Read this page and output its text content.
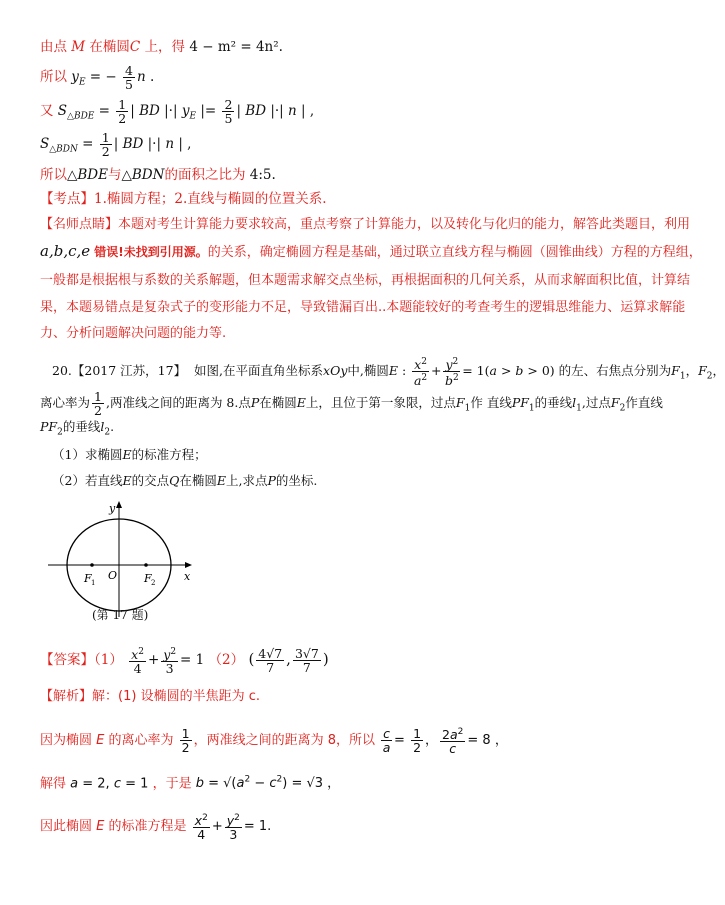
由点 M 在椭圆C 上，得 4 − m² = 4n².
所以 $y_E$ = − $\frac{4}{5}$ n .
又 $S_{\triangle BDE} = \frac{1}{2}$ | BD |·| $y_E$ |= $\frac{2}{5}$ | BD |·| n | ,
$S_{\triangle BDN} = \frac{1}{2}$ | BD |·| n | ,
所以△BDE与△BDN的面积之比为 4:5.
【考点】1.椭圆方程；2.直线与椭圆的位置关系.
【名师点睛】本题对考生计算能力要求较高，重点考察了计算能力，以及转化与化归的能力，解答此类题目，利用
a,b,c,e 错误!未找到引用源。的关系，确定椭圆方程是基础，通过联立直线方程与椭圆（圆锥曲线）方程的方程组，
一般都是根据根与系数的关系解题，但本题需求解交点坐标，再根据面积的几何关系，从而求解面积比值，计算结
果，本题易错点是复杂式子的变形能力不足，导致错漏百出..本题能较好的考查考生的逻辑思维能力、运算求解能
力、分析问题解决问题的能力等.
20.【2017 江苏，17】 如图,在平面直角坐标系xOy中,椭圆E : $\frac{x^2}{a^2} + \frac{y^2}{b^2} = 1(a > b > 0)$ 的左、右焦点分别为$F_1$，$F_2$，
离心率为 $\frac{1}{2}$ ,两准线之间的距离为 8.点P在椭圆E上，且位于第一象限，过点$F_1$作 直线$PF_1$的垂线$l_1$,过点$F_2$作直线
$PF_2$的垂线$l_2$.
（1）求椭圆E的标准方程；
（2）若直线E的交点Q在椭圆E上,求点P的坐标.
y
x
O
F 1	F 2
(第 17 题)
【答案】$(1) \frac{x^2}{4} + \frac{y^2}{3} = 1$ （2） ( $\frac{4√7}{7}$ , $\frac{3√7}{7}$ )
【解析】解：(1) 设椭圆的半焦距为 c.
因为椭圆 E 的离心率为 $\frac{1}{2}$ ，两准线之间的距离为 8，所以 $\frac{c}{a} = \frac{1}{2}$ ， $\frac{2a^2}{c} = 8$ ，
解得 a = 2, c = 1 ，于是 $b = √(a^2 - c^2) = √3$ ，
因此椭圆 E 的标准方程是 $\frac{x^2}{4} + \frac{y^2}{3} = 1$.
